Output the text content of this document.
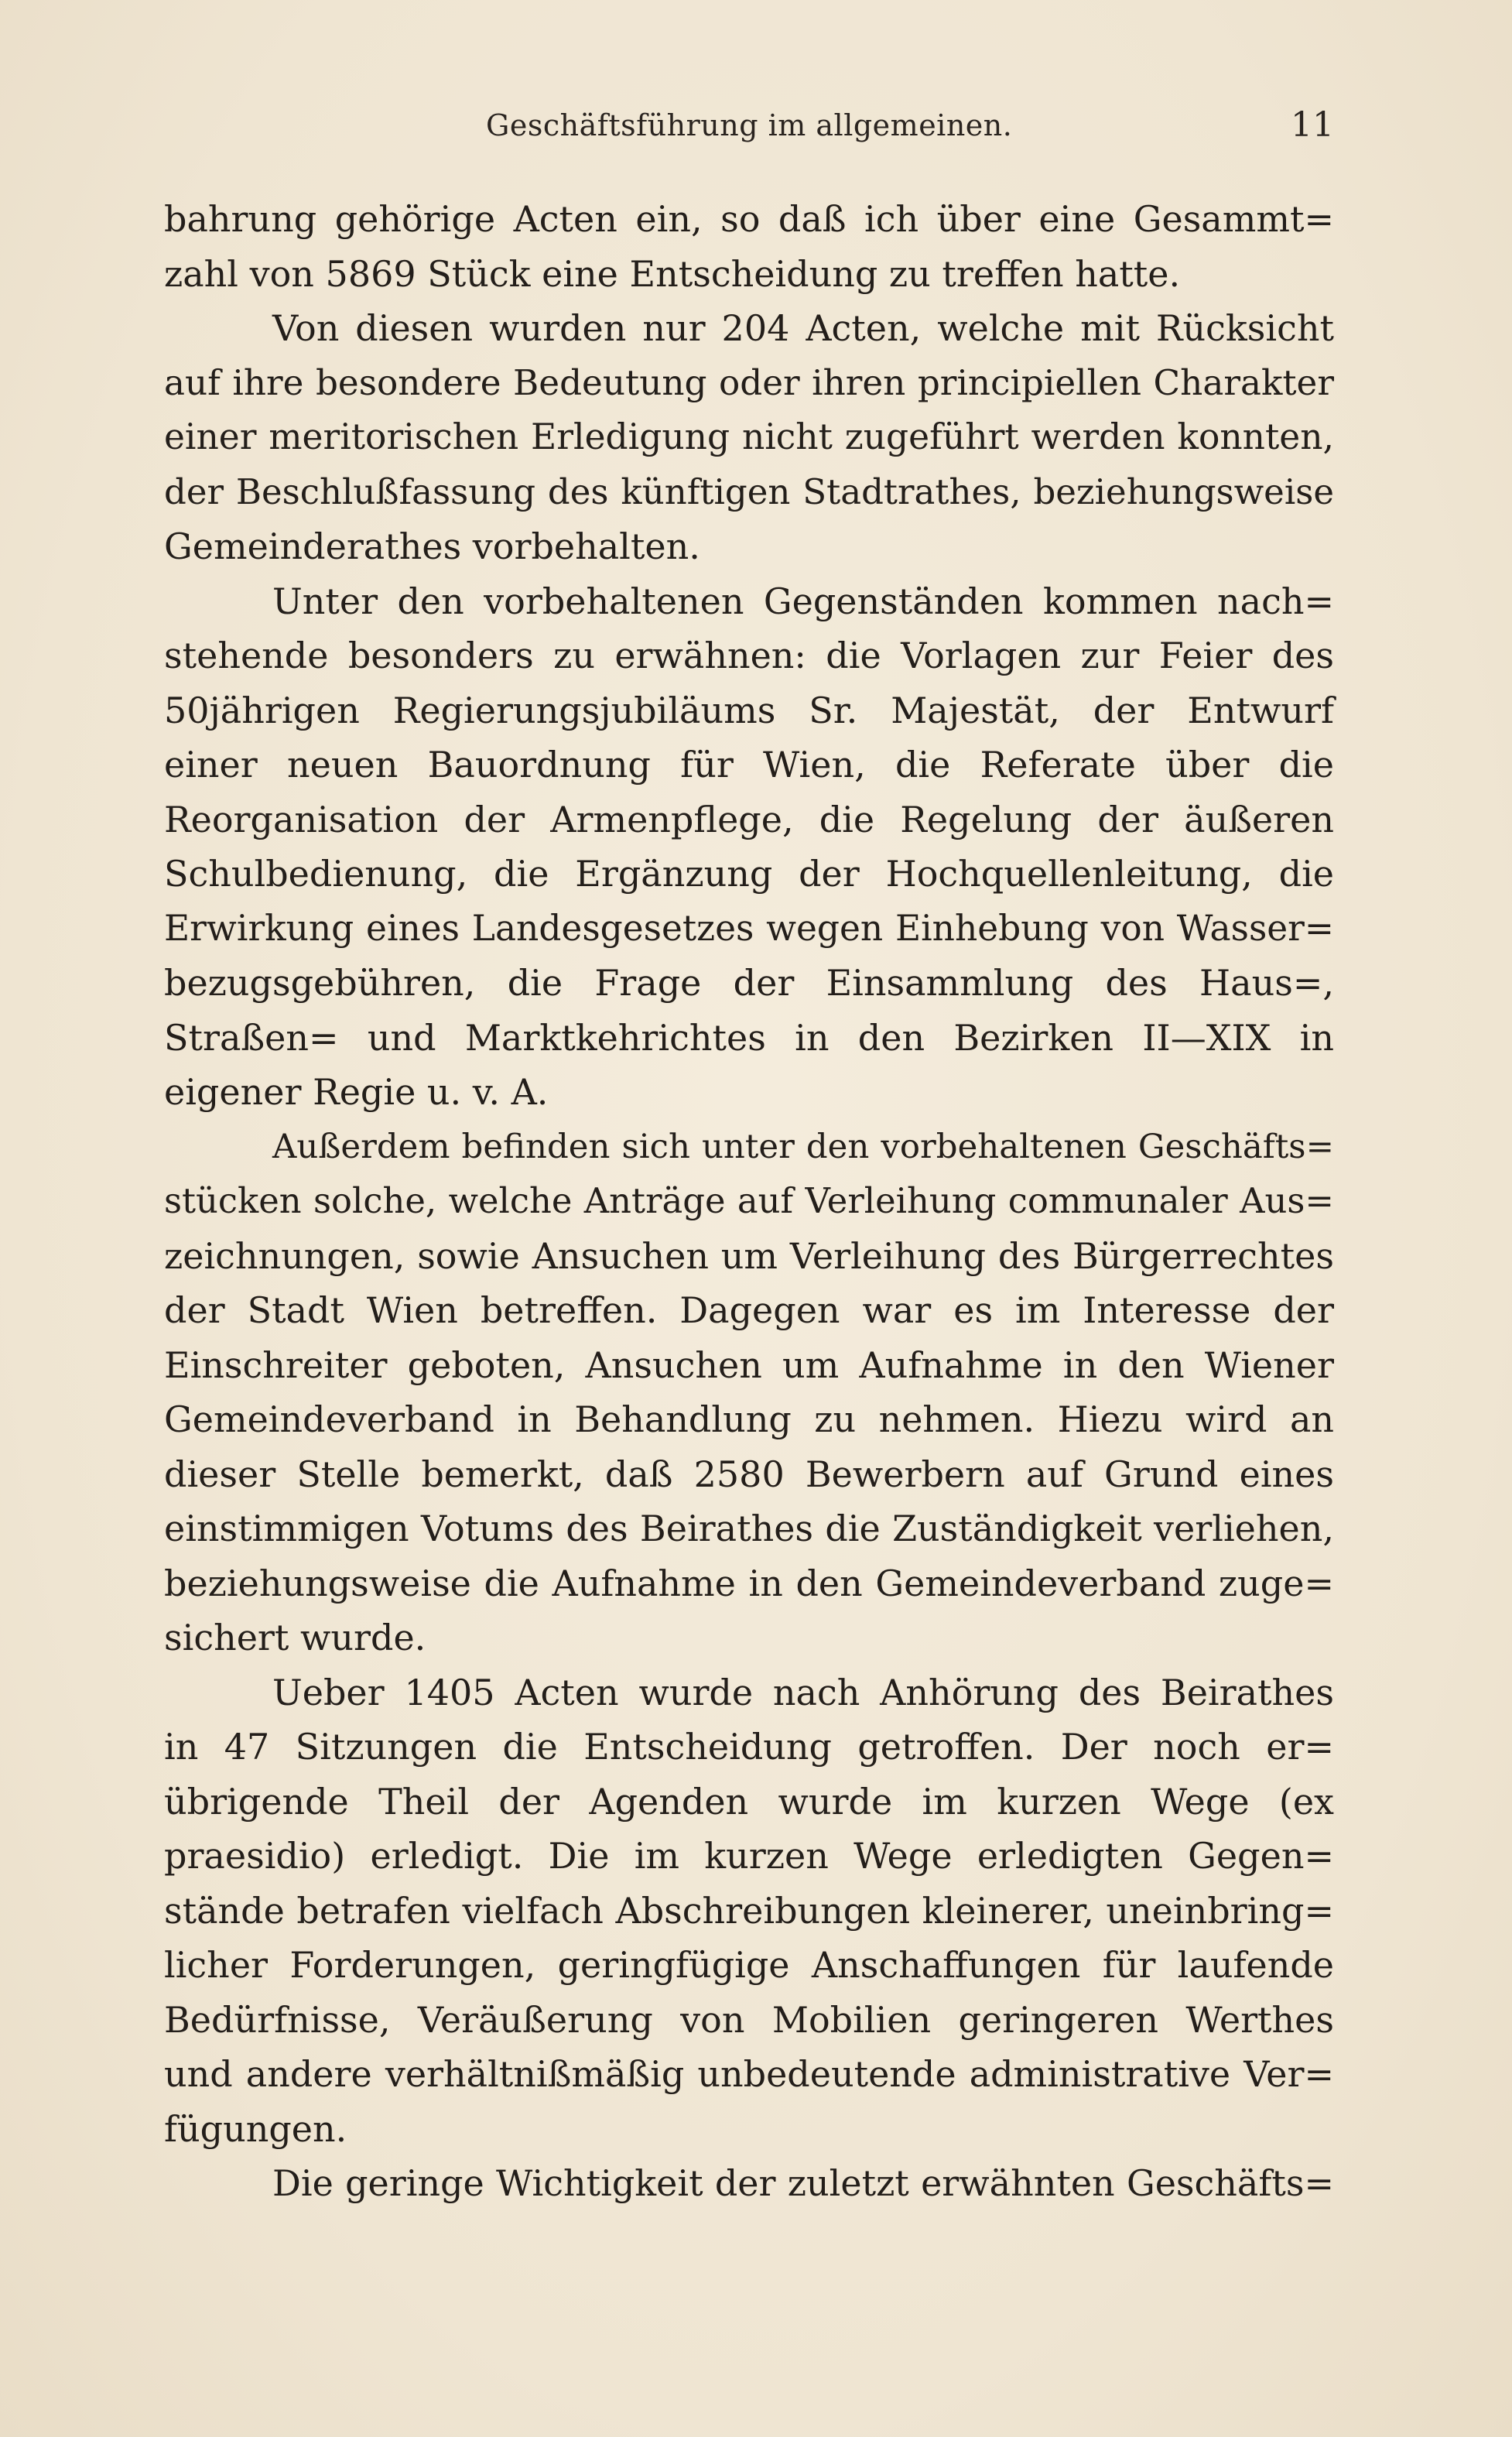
Geschäftsführung im allgemeinen.	11
bahrung gehörige Acten ein, so daß ich über eine Gesammt=
zahl von 5869 Stück eine Entscheidung zu treffen hatte.
Von diesen wurden nur 204 Acten, welche mit Rücksicht
auf ihre besondere Bedeutung oder ihren principiellen Charakter
einer meritorischen Erledigung nicht zugeführt werden konnten,
der Beschlußfassung des künftigen Stadtrathes, beziehungsweise
Gemeinderathes vorbehalten.
Unter den vorbehaltenen Gegenständen kommen nach=
stehende besonders zu erwähnen: die Vorlagen zur Feier des
50jährigen Regierungsjubiläums Sr. Majestät, der Entwurf
einer neuen Bauordnung für Wien, die Referate über die
Reorganisation der Armenpflege, die Regelung der äußeren
Schulbedienung, die Ergänzung der Hochquellenleitung, die
Erwirkung eines Landesgesetzes wegen Einhebung von Wasser=
bezugsgebühren, die Frage der Einsammlung des Haus=,
Straßen= und Marktkehrichtes in den Bezirken II—XIX in
eigener Regie u. v. A.
Außerdem befinden sich unter den vorbehaltenen Geschäfts=
stücken solche, welche Anträge auf Verleihung communaler Aus=
zeichnungen, sowie Ansuchen um Verleihung des Bürgerrechtes
der Stadt Wien betreffen. Dagegen war es im Interesse der
Einschreiter geboten, Ansuchen um Aufnahme in den Wiener
Gemeindeverband in Behandlung zu nehmen. Hiezu wird an
dieser Stelle bemerkt, daß 2580 Bewerbern auf Grund eines
einstimmigen Votums des Beirathes die Zuständigkeit verliehen,
beziehungsweise die Aufnahme in den Gemeindeverband zuge=
sichert wurde.
Ueber 1405 Acten wurde nach Anhörung des Beirathes
in 47 Sitzungen die Entscheidung getroffen. Der noch er=
übrigende Theil der Agenden wurde im kurzen Wege (ex
praesidio) erledigt. Die im kurzen Wege erledigten Gegen=
stände betrafen vielfach Abschreibungen kleinerer, uneinbring=
licher Forderungen, geringfügige Anschaffungen für laufende
Bedürfnisse, Veräußerung von Mobilien geringeren Werthes
und andere verhältnißmäßig unbedeutende administrative Ver=
fügungen.
Die geringe Wichtigkeit der zuletzt erwähnten Geschäfts=
